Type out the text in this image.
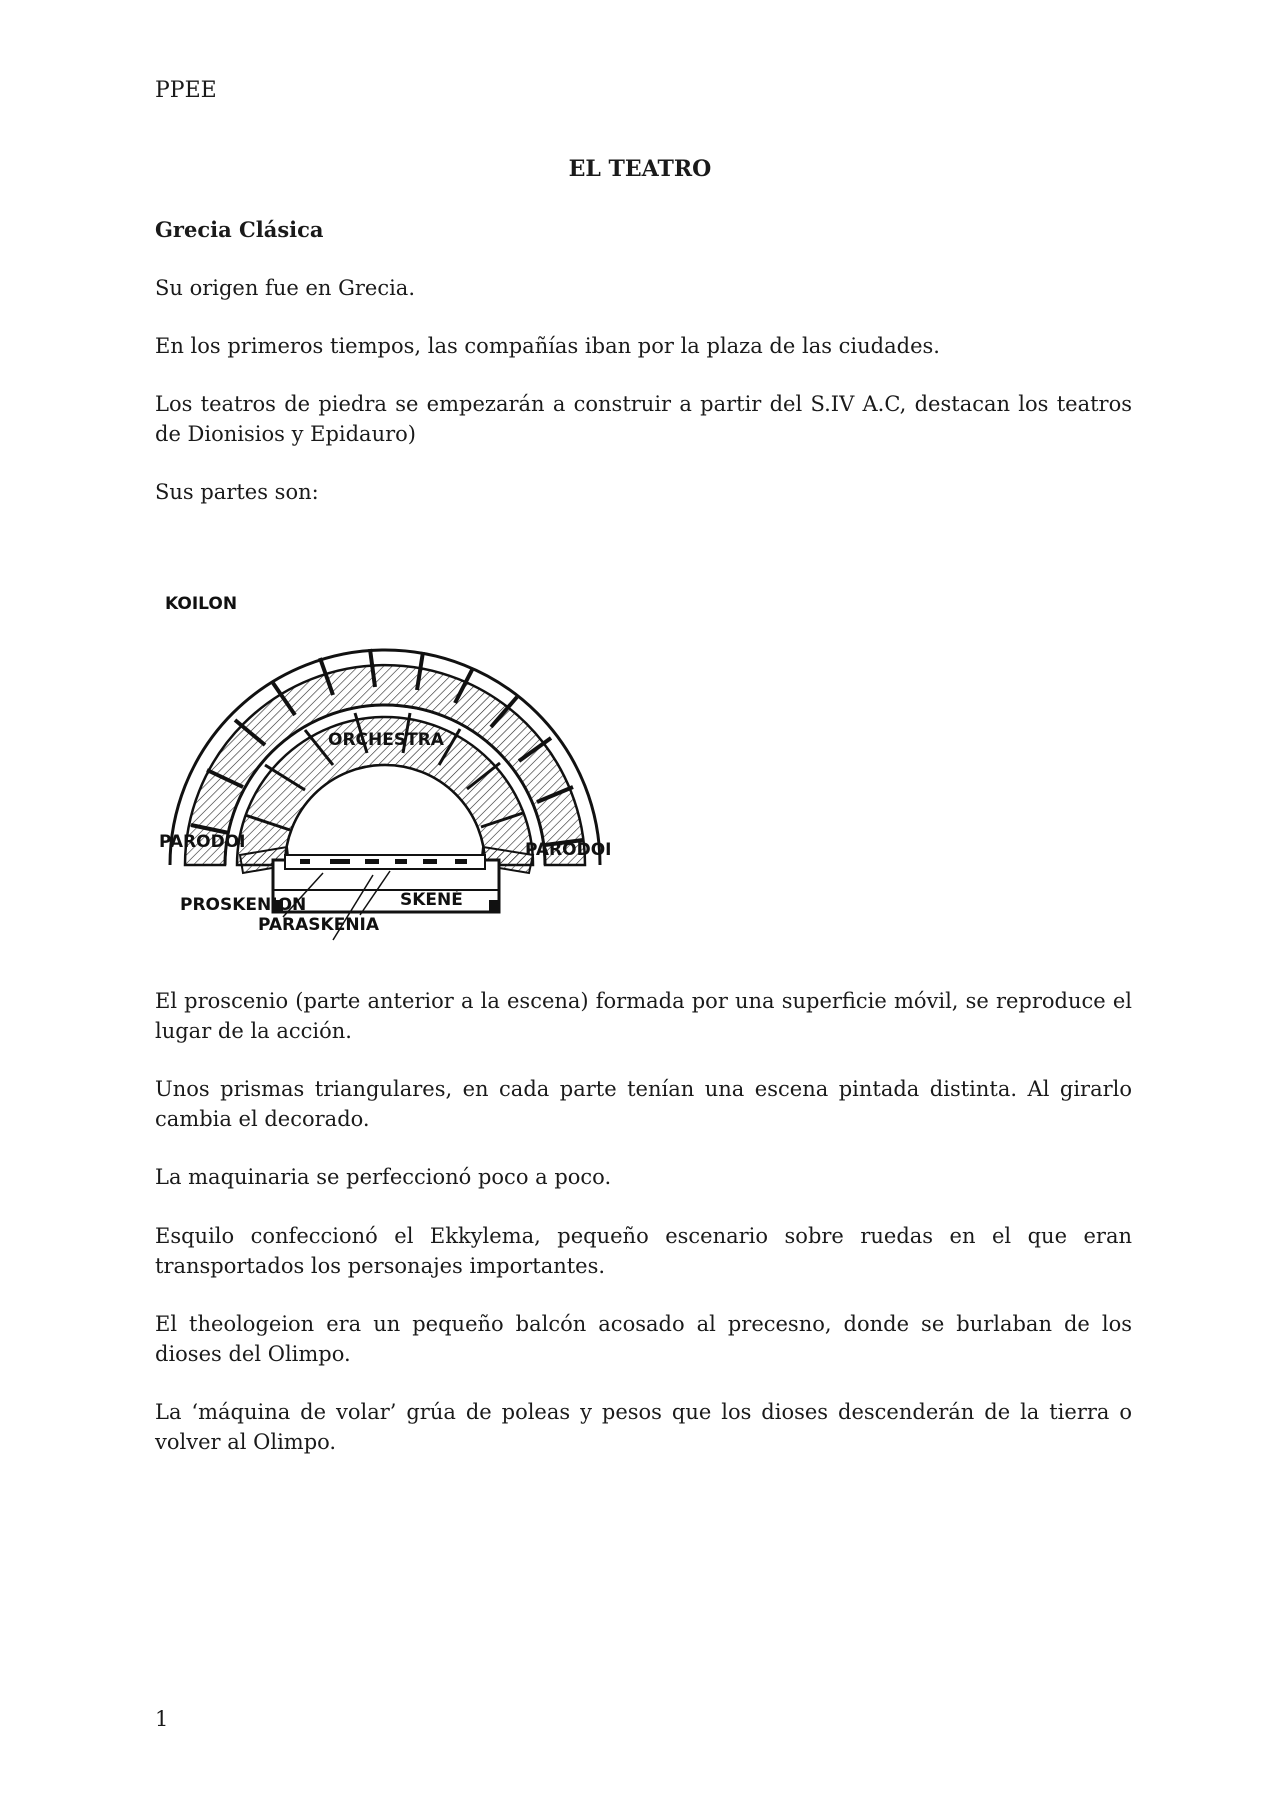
PPEE
EL TEATRO

Grecia Clásica

Su origen fue en Grecia.

En los primeros tiempos, las compañías iban por la plaza de las ciudades.

Los teatros de piedra se empezarán a construir a partir del S.IV A.C, destacan los teatros de Dionisios y Epidauro)

Sus partes son:

El proscenio (parte anterior a la escena) formada por una superficie móvil, se reproduce el lugar de la acción.

Unos prismas triangulares, en cada parte tenían una escena pintada distinta. Al girarlo cambia el decorado.

La maquinaria se perfeccionó poco a poco.

Esquilo confeccionó el Ekkylema, pequeño escenario sobre ruedas en el que eran transportados los personajes importantes.

El theologeion era un pequeño balcón acosado al precesno, donde se burlaban de los dioses del Olimpo.

La ‘máquina de volar’ grúa de poleas y pesos que los dioses descenderán de la tierra o volver al Olimpo.

KOILON
ORCHESTRA
PARODOI	PARODOI
PROSKENION
PARASKENIA
SKENÉ
1
